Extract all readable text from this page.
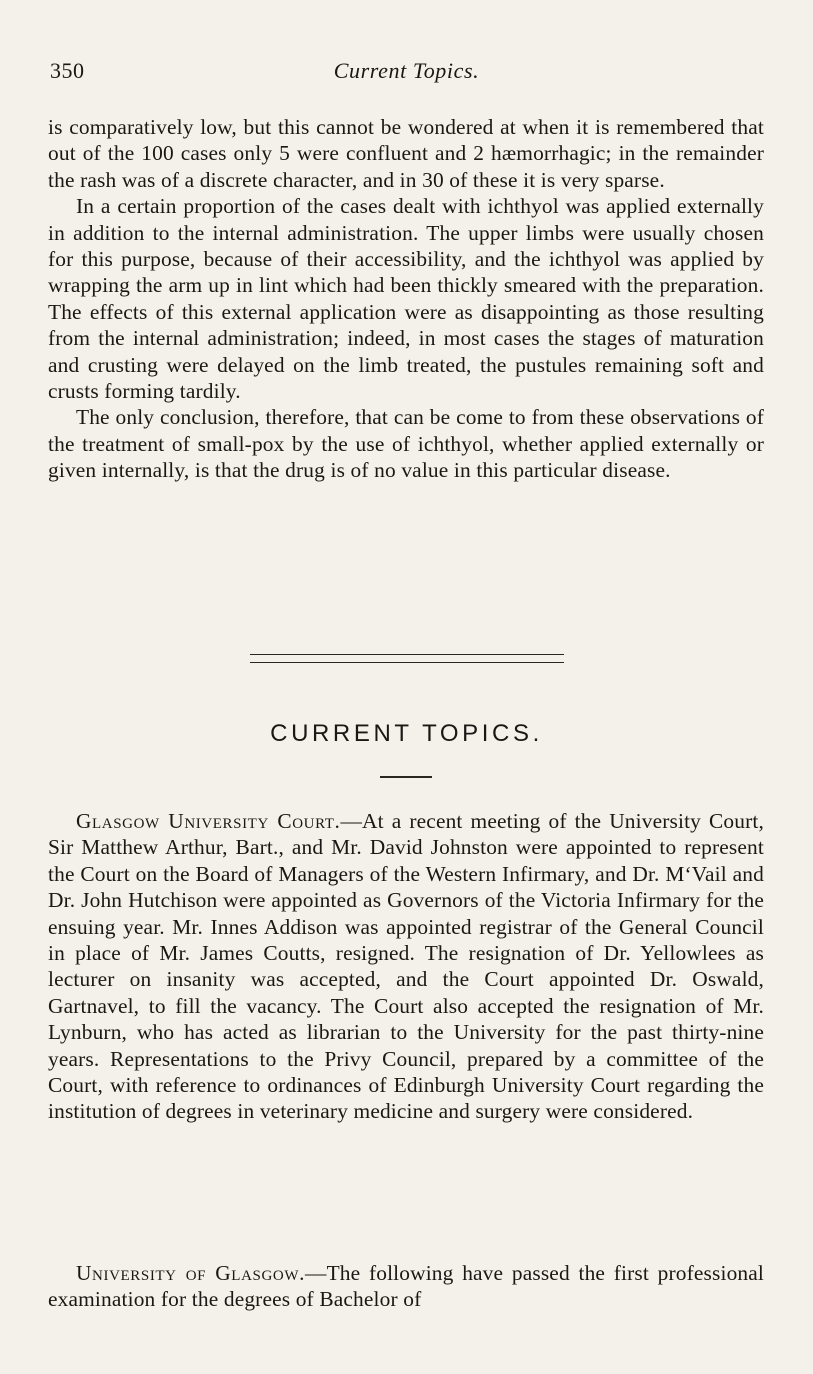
350	Current Topics.

is comparatively low, but this cannot be wondered at when it is remembered that out of the 100 cases only 5 were confluent and 2 hæmorrhagic; in the remainder the rash was of a discrete character, and in 30 of these it is very sparse.

In a certain proportion of the cases dealt with ichthyol was applied externally in addition to the internal administration. The upper limbs were usually chosen for this purpose, because of their accessibility, and the ichthyol was applied by wrapping the arm up in lint which had been thickly smeared with the preparation. The effects of this external application were as disappointing as those resulting from the internal administration; indeed, in most cases the stages of maturation and crusting were delayed on the limb treated, the pustules remaining soft and crusts forming tardily.

The only conclusion, therefore, that can be come to from these observations of the treatment of small-pox by the use of ichthyol, whether applied externally or given internally, is that the drug is of no value in this particular disease.

CURRENT TOPICS.

Glasgow University Court.—At a recent meeting of the University Court, Sir Matthew Arthur, Bart., and Mr. David Johnston were appointed to represent the Court on the Board of Managers of the Western Infirmary, and Dr. M‘Vail and Dr. John Hutchison were appointed as Governors of the Victoria Infirmary for the ensuing year. Mr. Innes Addison was appointed registrar of the General Council in place of Mr. James Coutts, resigned. The resignation of Dr. Yellowlees as lecturer on insanity was accepted, and the Court appointed Dr. Oswald, Gartnavel, to fill the vacancy. The Court also accepted the resignation of Mr. Lynburn, who has acted as librarian to the University for the past thirty-nine years. Representations to the Privy Council, prepared by a committee of the Court, with reference to ordinances of Edinburgh University Court regarding the institution of degrees in veterinary medicine and surgery were considered.

University of Glasgow.—The following have passed the first professional examination for the degrees of Bachelor of
